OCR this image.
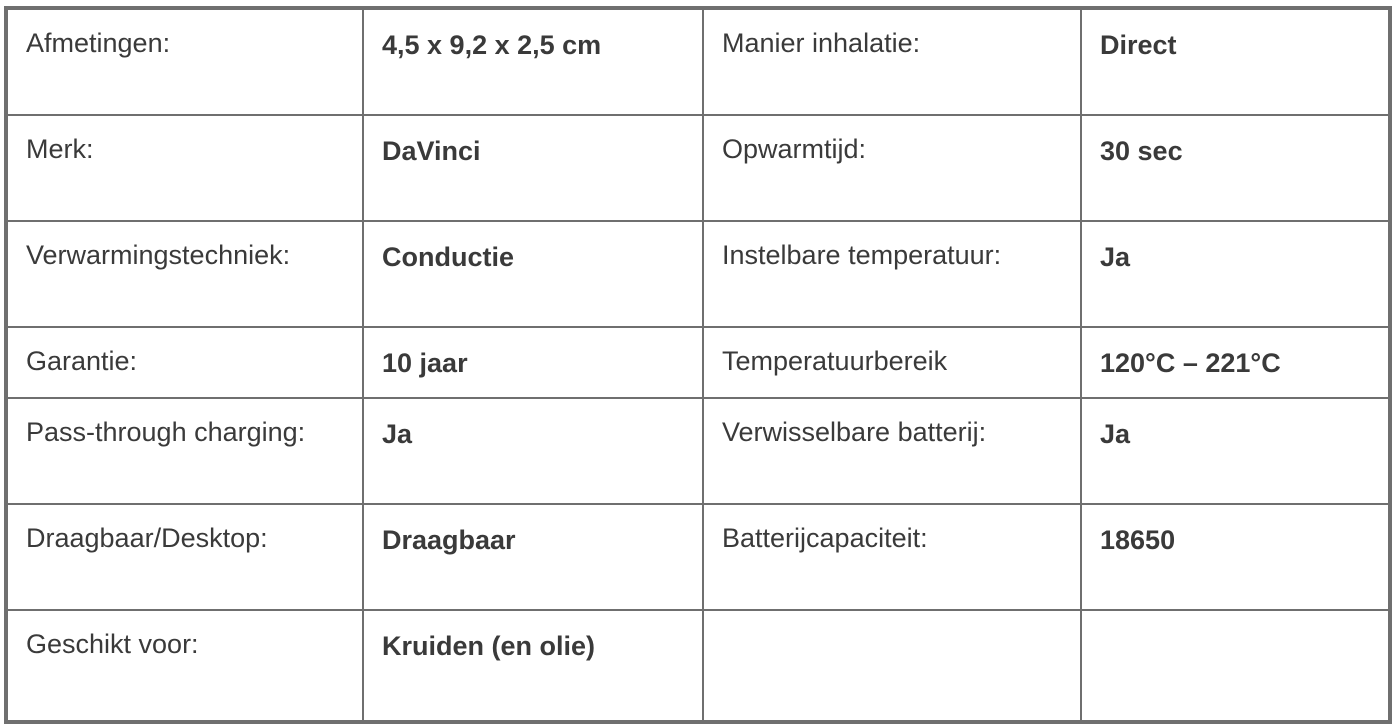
Afmetingen:	4,5 x 9,2 x 2,5 cm	Manier inhalatie:	Direct
Merk:	DaVinci	Opwarmtijd:	30 sec
Verwarmingstechniek:	Conductie	Instelbare temperatuur:	Ja
Garantie:	10 jaar	Temperatuurbereik	120°C – 221°C
Pass-through charging:	Ja	Verwisselbare batterij:	Ja
Draagbaar/Desktop:	Draagbaar	Batterijcapaciteit:	18650
Geschikt voor:	Kruiden (en olie)		
